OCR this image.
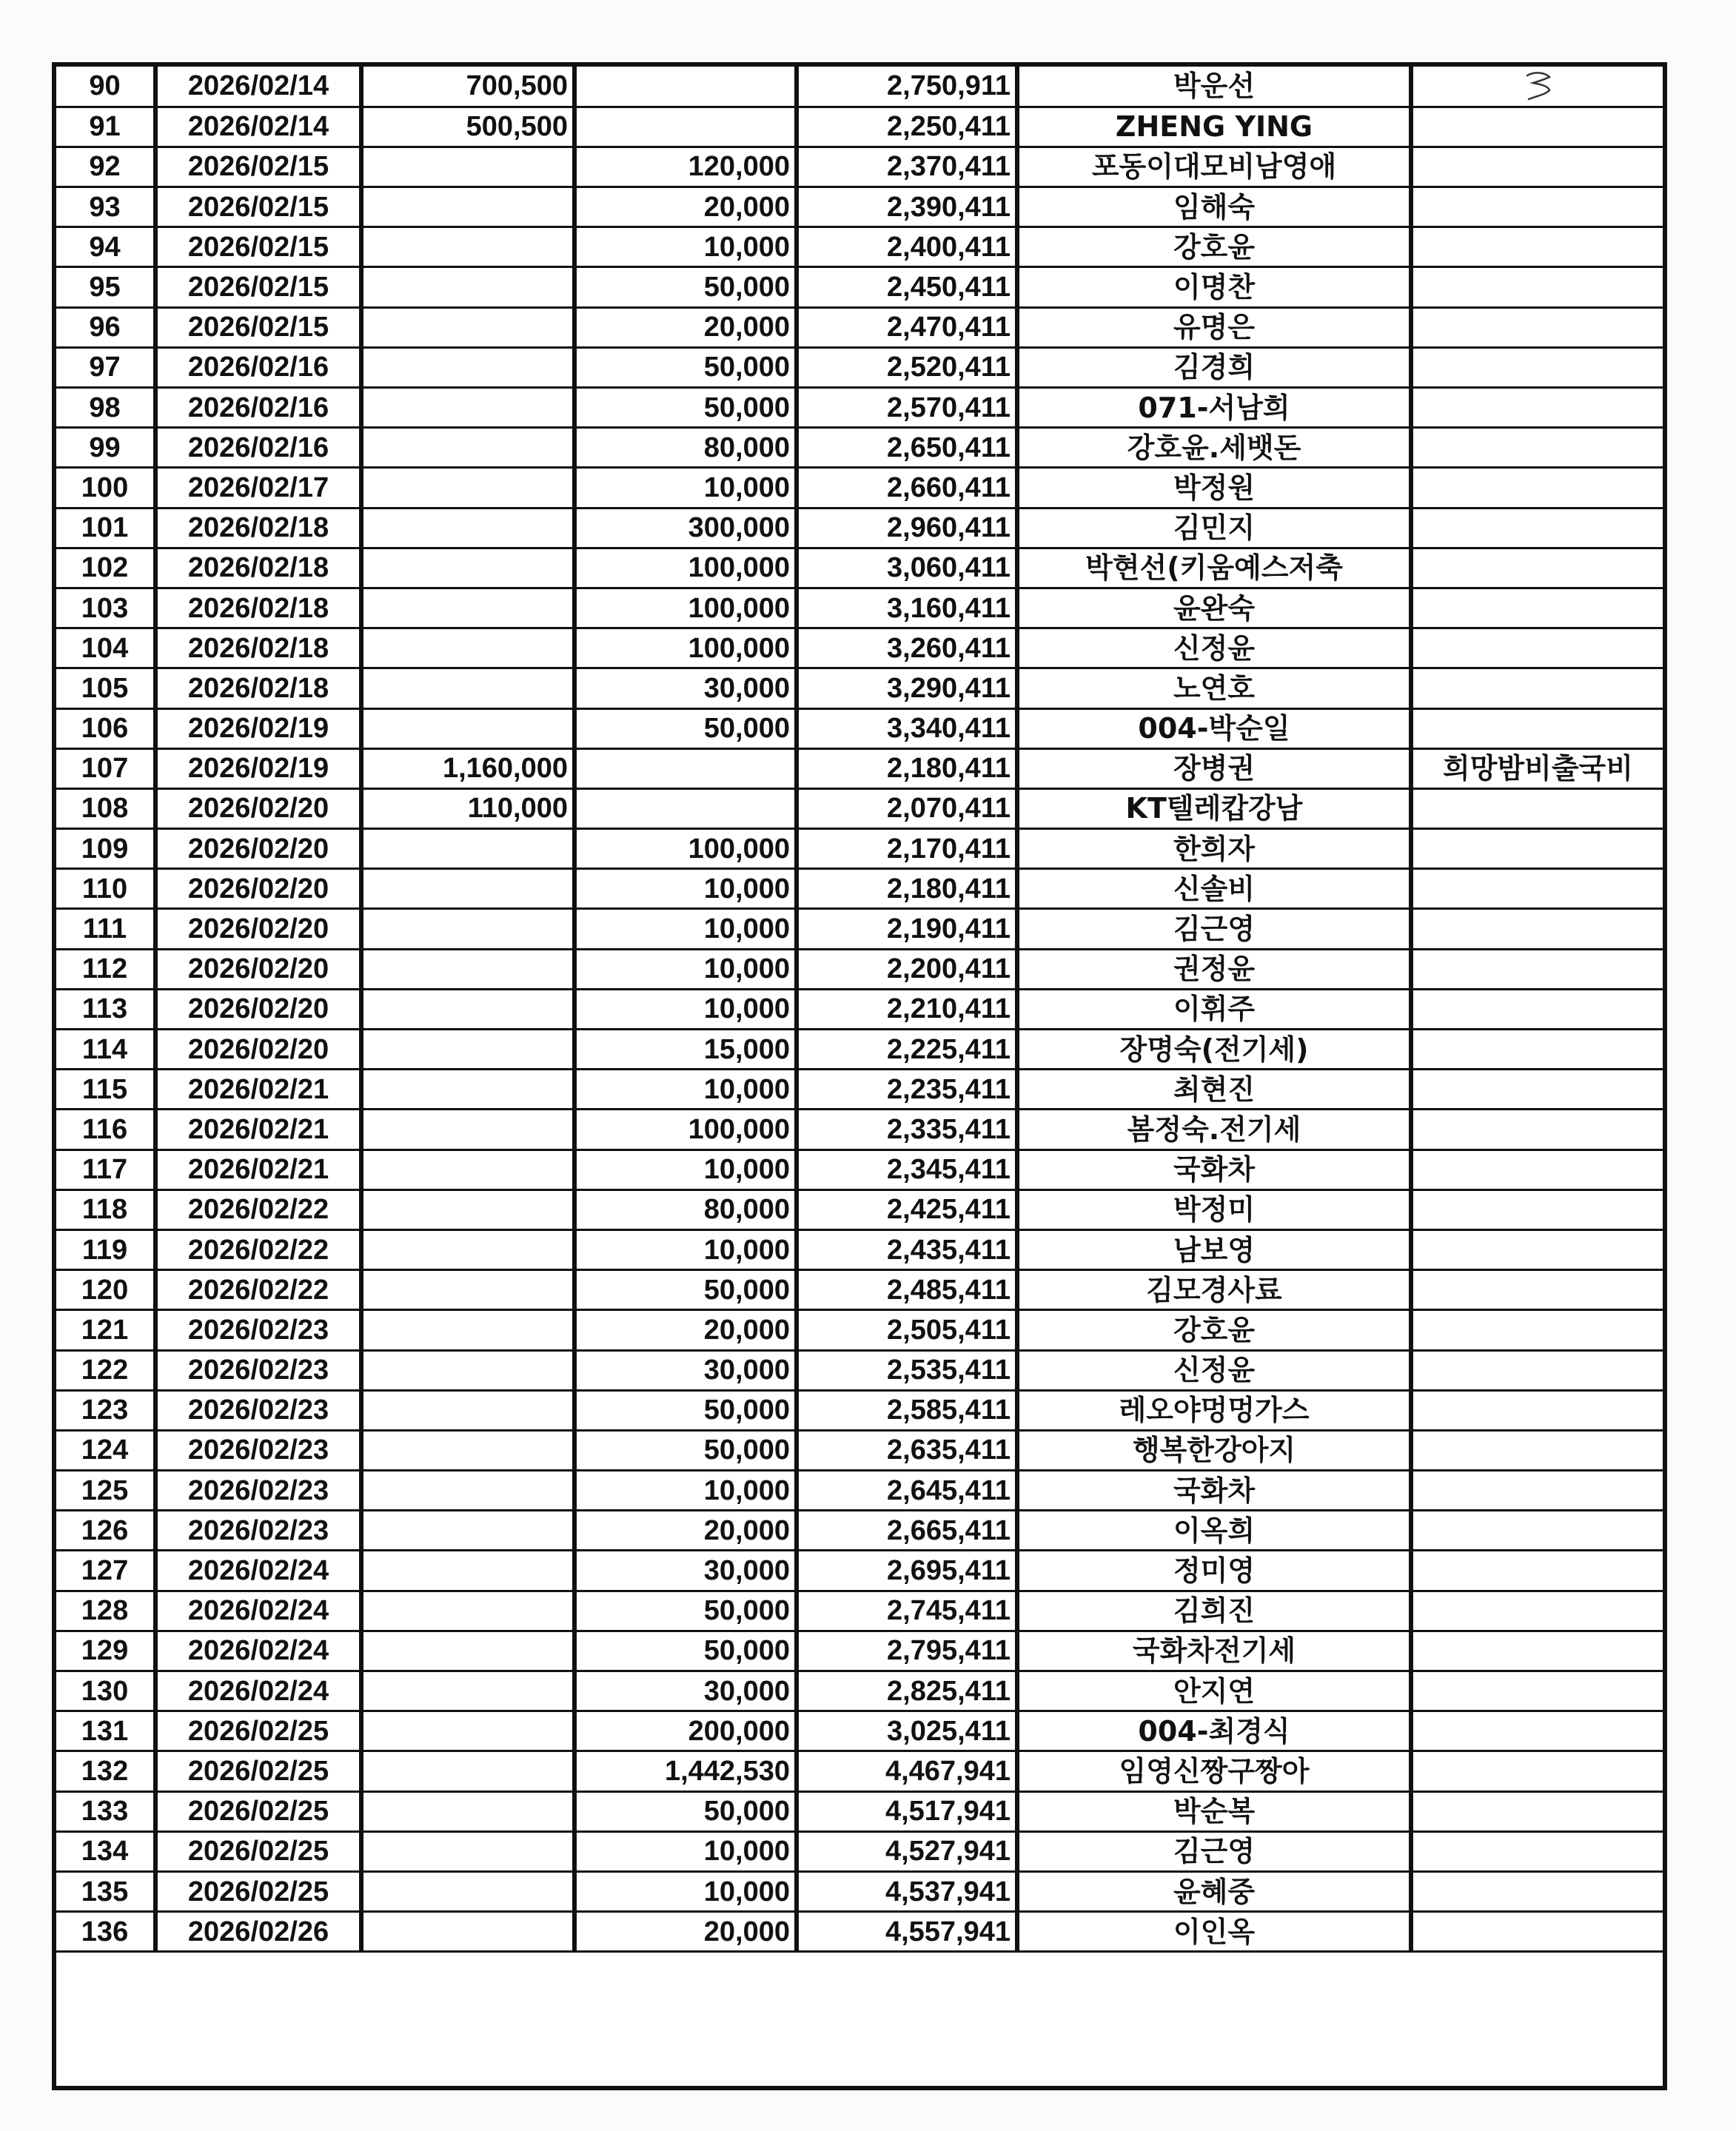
90	2026/02/14	700,500		2,750,911	박운선	

91	2026/02/14	500,500		2,250,411	ZHENG YING	
92	2026/02/15		120,000	2,370,411	포동이대모비남영애	
93	2026/02/15		20,000	2,390,411	임해숙	
94	2026/02/15		10,000	2,400,411	강호윤	
95	2026/02/15		50,000	2,450,411	이명찬	
96	2026/02/15		20,000	2,470,411	유명은	
97	2026/02/16		50,000	2,520,411	김경희	
98	2026/02/16		50,000	2,570,411	071-서남희	
99	2026/02/16		80,000	2,650,411	강호윤.세뱃돈	
100	2026/02/17		10,000	2,660,411	박정원	
101	2026/02/18		300,000	2,960,411	김민지	
102	2026/02/18		100,000	3,060,411	박현선(키움예스저축	
103	2026/02/18		100,000	3,160,411	윤완숙	
104	2026/02/18		100,000	3,260,411	신정윤	
105	2026/02/18		30,000	3,290,411	노연호	
106	2026/02/19		50,000	3,340,411	004-박순일	
107	2026/02/19	1,160,000		2,180,411	장병권	희망밤비출국비
108	2026/02/20	110,000		2,070,411	KT텔레캅강남	
109	2026/02/20		100,000	2,170,411	한희자	
110	2026/02/20		10,000	2,180,411	신솔비	
111	2026/02/20		10,000	2,190,411	김근영	
112	2026/02/20		10,000	2,200,411	권정윤	
113	2026/02/20		10,000	2,210,411	이휘주	
114	2026/02/20		15,000	2,225,411	장명숙(전기세)	
115	2026/02/21		10,000	2,235,411	최현진	
116	2026/02/21		100,000	2,335,411	봄정숙.전기세	
117	2026/02/21		10,000	2,345,411	국화차	
118	2026/02/22		80,000	2,425,411	박정미	
119	2026/02/22		10,000	2,435,411	남보영	
120	2026/02/22		50,000	2,485,411	김모경사료	
121	2026/02/23		20,000	2,505,411	강호윤	
122	2026/02/23		30,000	2,535,411	신정윤	
123	2026/02/23		50,000	2,585,411	레오야멍멍가스	
124	2026/02/23		50,000	2,635,411	행복한강아지	
125	2026/02/23		10,000	2,645,411	국화차	
126	2026/02/23		20,000	2,665,411	이옥희	
127	2026/02/24		30,000	2,695,411	정미영	
128	2026/02/24		50,000	2,745,411	김희진	
129	2026/02/24		50,000	2,795,411	국화차전기세	
130	2026/02/24		30,000	2,825,411	안지연	
131	2026/02/25		200,000	3,025,411	004-최경식	
132	2026/02/25		1,442,530	4,467,941	임영신짱구짱아	
133	2026/02/25		50,000	4,517,941	박순복	
134	2026/02/25		10,000	4,527,941	김근영	
135	2026/02/25		10,000	4,537,941	윤혜중	
136	2026/02/26		20,000	4,557,941	이인옥	
